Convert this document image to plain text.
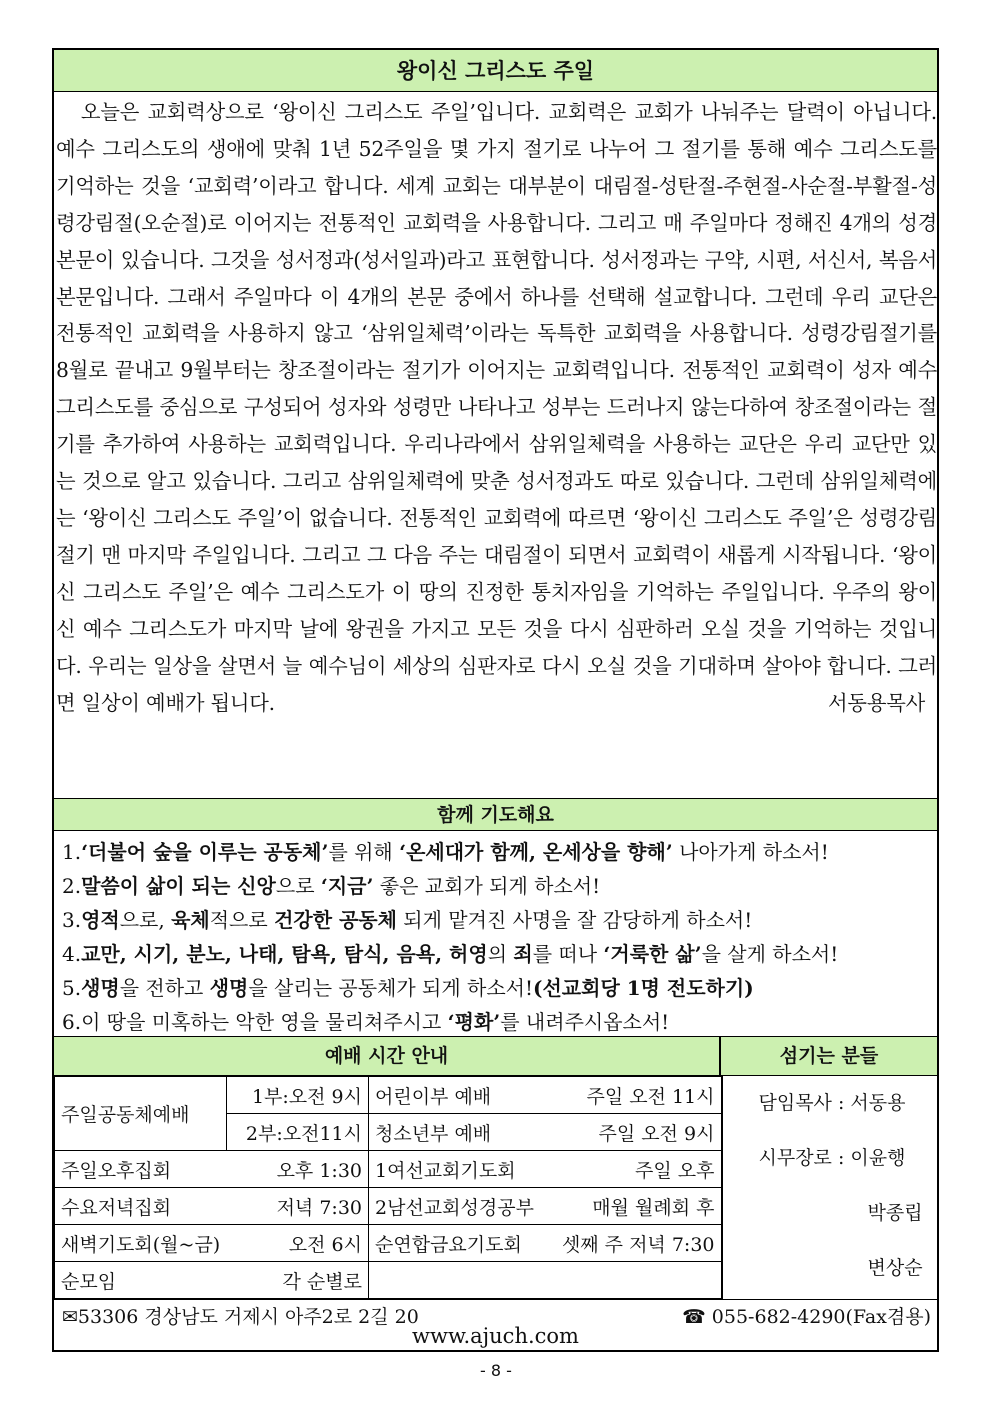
왕이신 그리스도 주일
오늘은 교회력상으로 ‘왕이신 그리스도 주일’입니다. 교회력은 교회가 나눠주는 달력이 아닙니다. 예수 그리스도의 생애에 맞춰 1년 52주일을 몇 가지 절기로 나누어 그 절기를 통해 예수 그리스도를 기억하는 것을 ‘교회력’이라고 합니다. 세계 교회는 대부분이 대림절-성탄절-주현절-사순절-부활절-성령강림절(오순절)로 이어지는 전통적인 교회력을 사용합니다. 그리고 매 주일마다 정해진 4개의 성경 본문이 있습니다. 그것을 성서정과(성서일과)라고 표현합니다. 성서정과는 구약, 시편, 서신서, 복음서 본문입니다. 그래서 주일마다 이 4개의 본문 중에서 하나를 선택해 설교합니다. 그런데 우리 교단은 전통적인 교회력을 사용하지 않고 ‘삼위일체력’이라는 독특한 교회력을 사용합니다. 성령강림절기를 8월로 끝내고 9월부터는 창조절이라는 절기가 이어지는 교회력입니다. 전통적인 교회력이 성자 예수 그리스도를 중심으로 구성되어 성자와 성령만 나타나고 성부는 드러나지 않는다하여 창조절이라는 절기를 추가하여 사용하는 교회력입니다. 우리나라에서 삼위일체력을 사용하는 교단은 우리 교단만 있는 것으로 알고 있습니다. 그리고 삼위일체력에 맞춘 성서정과도 따로 있습니다. 그런데 삼위일체력에는 ‘왕이신 그리스도 주일’이 없습니다. 전통적인 교회력에 따르면 ‘왕이신 그리스도 주일’은 성령강림절기 맨 마지막 주일입니다. 그리고 그 다음 주는 대림절이 되면서 교회력이 새롭게 시작됩니다. ‘왕이신 그리스도 주일’은 예수 그리스도가 이 땅의 진정한 통치자임을 기억하는 주일입니다. 우주의 왕이신 예수 그리스도가 마지막 날에 왕권을 가지고 모든 것을 다시 심판하러 오실 것을 기억하는 것입니다. 우리는 일상을 살면서 늘 예수님이 세상의 심판자로 다시 오실 것을 기대하며 살아야 합니다. 그러면 일상이 예배가 됩니다.	서동용목사
함께 기도해요
1.‘더불어 숲을 이루는 공동체’를 위해 ‘온세대가 함께, 온세상을 향해’ 나아가게 하소서!
2.말씀이 삶이 되는 신앙으로 ‘지금’ 좋은 교회가 되게 하소서!
3.영적으로, 육체적으로 건강한 공동체 되게 맡겨진 사명을 잘 감당하게 하소서!
4.교만, 시기, 분노, 나태, 탐욕, 탐식, 음욕, 허영의 죄를 떠나 ‘거룩한 삶’을 살게 하소서!
5.생명을 전하고 생명을 살리는 공동체가 되게 하소서!(선교회당 1명 전도하기)
6.이 땅을 미혹하는 악한 영을 물리쳐주시고 ‘평화’를 내려주시옵소서!
예배 시간 안내	섬기는 분들
주일공동체예배	1부:오전 9시	어린이부 예배 주일 오전 11시

	2부:오전11시	청소년부 예배 주일 오전 9시

주일오후집회 오후 1:30		1여선교회기도회 주일 오후

수요저녁집회 저녁 7:30		2남선교회성경공부 매월 월례회 후

새벽기도회(월~금) 오전 6시		순연합금요기도회 셋째 주 저녁 7:30

순모임 각 순별로		

담임목사 : 서동용
시무장로 : 이윤행
박종립
변상순
✉53306 경상남도 거제시 아주2로 2길 20	☎ 055-682-4290(Fax겸용)
www.ajuch.com
- 8 -
